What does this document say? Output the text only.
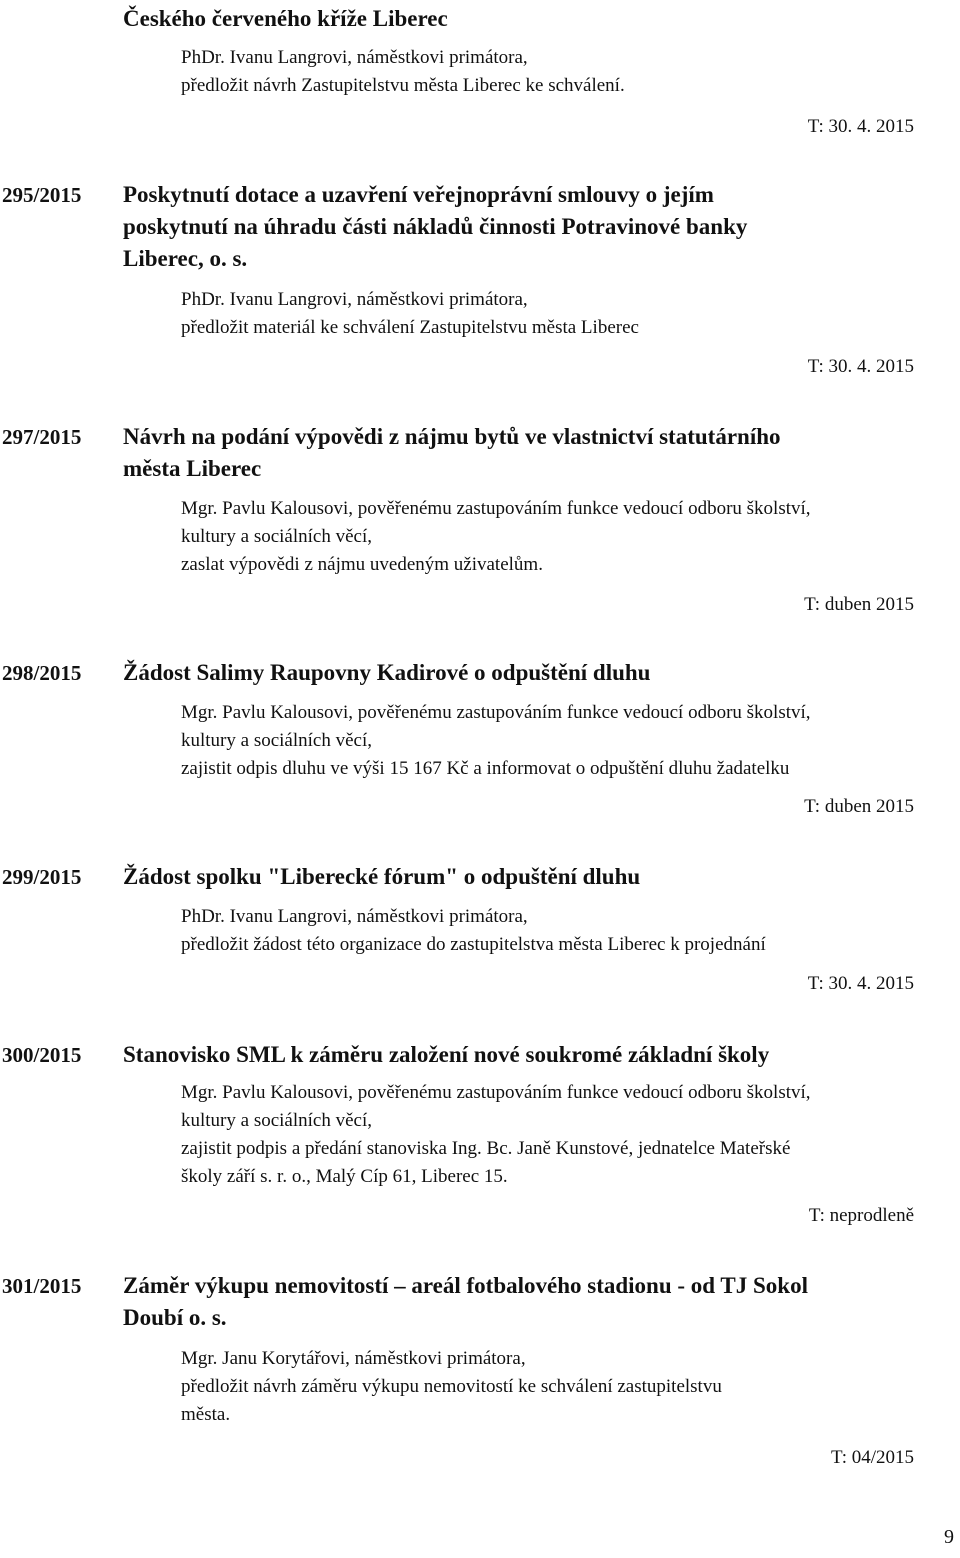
Českého červeného kříže Liberec
PhDr. Ivanu Langrovi, náměstkovi primátora,
předložit návrh Zastupitelstvu města Liberec ke schválení.
T: 30. 4. 2015
295/2015 Poskytnutí dotace a uzavření veřejnoprávní smlouvy o jejím
poskytnutí na úhradu části nákladů činnosti Potravinové banky
Liberec, o. s.
PhDr. Ivanu Langrovi, náměstkovi primátora,
předložit materiál ke schválení Zastupitelstvu města Liberec
T: 30. 4. 2015
297/2015 Návrh na podání výpovědi z nájmu bytů ve vlastnictví statutárního
města Liberec
Mgr. Pavlu Kalousovi, pověřenému zastupováním funkce vedoucí odboru školství,
kultury a sociálních věcí,
zaslat výpovědi z nájmu uvedeným uživatelům.
T: duben 2015
298/2015 Žádost Salimy Raupovny Kadirové o odpuštění dluhu
Mgr. Pavlu Kalousovi, pověřenému zastupováním funkce vedoucí odboru školství,
kultury a sociálních věcí,
zajistit odpis dluhu ve výši 15 167 Kč a informovat o odpuštění dluhu žadatelku
T: duben 2015
299/2015 Žádost spolku "Liberecké fórum" o odpuštění dluhu
PhDr. Ivanu Langrovi, náměstkovi primátora,
předložit žádost této organizace do zastupitelstva města Liberec k projednání
T: 30. 4. 2015
300/2015 Stanovisko SML k záměru založení nové soukromé základní školy
Mgr. Pavlu Kalousovi, pověřenému zastupováním funkce vedoucí odboru školství,
kultury a sociálních věcí,
zajistit podpis a předání stanoviska Ing. Bc. Janě Kunstové, jednatelce Mateřské
školy září s. r. o., Malý Cíp 61, Liberec 15.
T: neprodleně
301/2015 Záměr výkupu nemovitostí – areál fotbalového stadionu - od TJ Sokol
Doubí o. s.
Mgr. Janu Korytářovi, náměstkovi primátora,
předložit návrh záměru výkupu nemovitostí ke schválení zastupitelstvu
města.
T: 04/2015
9
